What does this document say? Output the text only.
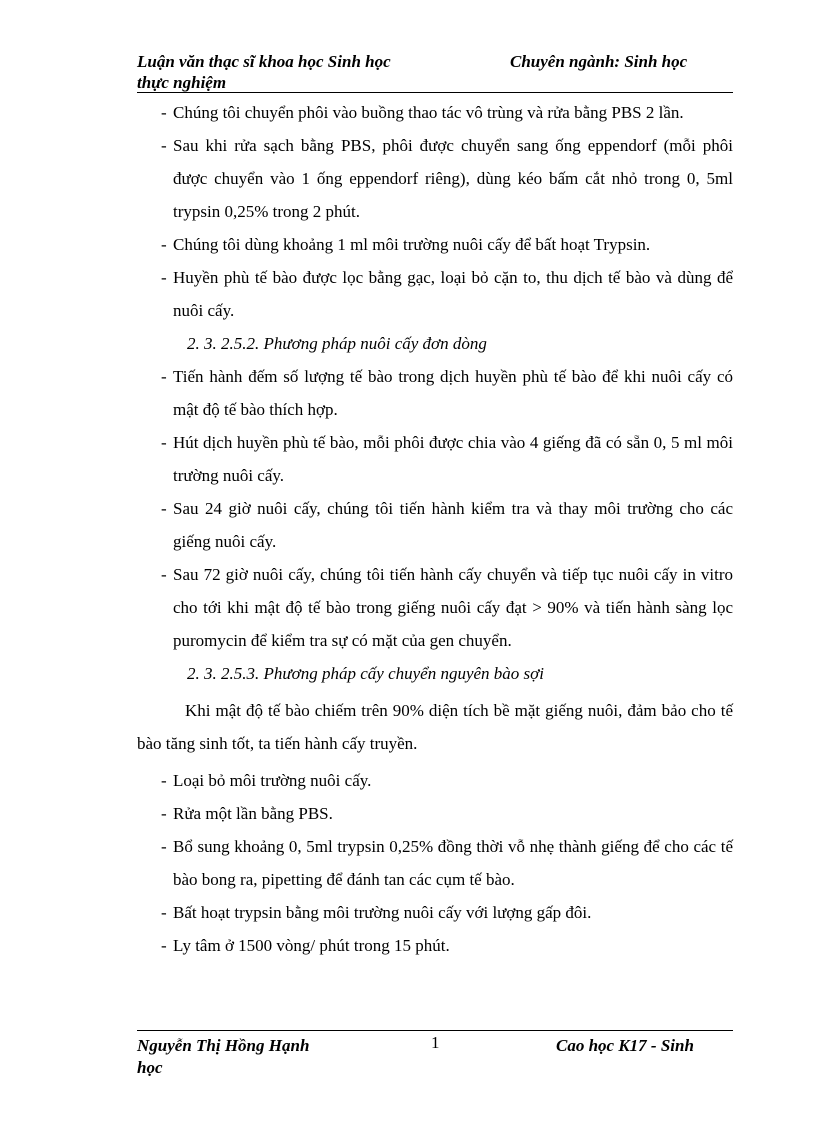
Luận văn thạc sĩ khoa học Sinh học
thực nghiệm
Chuyên ngành: Sinh học
- Chúng tôi chuyển phôi vào buồng thao tác vô trùng và rửa bằng PBS 2 lần.
- Sau khi rửa sạch bằng PBS, phôi được chuyển sang ống eppendorf (mỗi phôi được chuyển vào 1 ống eppendorf riêng), dùng kéo bấm cắt nhỏ trong 0, 5ml trypsin 0,25% trong 2 phút.
- Chúng tôi dùng khoảng 1 ml môi trường nuôi cấy để bất hoạt Trypsin.
- Huyền phù tế bào được lọc bằng gạc, loại bỏ cặn to, thu dịch tế bào và dùng để nuôi cấy.
2. 3. 2.5.2. Phương pháp nuôi cấy đơn dòng
- Tiến hành đếm số lượng tế bào trong dịch huyền phù tế bào để khi nuôi cấy có mật độ tế bào thích hợp.
- Hút dịch huyền phù tế bào, mỗi phôi được chia vào 4 giếng đã có sẵn 0, 5 ml môi trường nuôi cấy.
- Sau 24 giờ nuôi cấy, chúng tôi tiến hành kiểm tra và thay môi trường cho các giếng nuôi cấy.
- Sau 72 giờ nuôi cấy, chúng tôi tiến hành cấy chuyển và tiếp tục nuôi cấy in vitro cho tới khi mật độ tế bào trong giếng nuôi cấy đạt > 90% và tiến hành sàng lọc puromycin để kiểm tra sự có mặt của gen chuyển.
2. 3. 2.5.3. Phương pháp cấy chuyển nguyên bào sợi
Khi mật độ tế bào chiếm trên 90% diện tích bề mặt giếng nuôi, đảm bảo cho tế bào tăng sinh tốt, ta tiến hành cấy truyền.
- Loại bỏ môi trường nuôi cấy.
- Rửa một lần bằng PBS.
- Bổ sung khoảng 0, 5ml trypsin 0,25% đồng thời vỗ nhẹ thành giếng để cho các tế bào bong ra, pipetting để đánh tan các cụm tế bào.
- Bất hoạt trypsin bằng môi trường nuôi cấy với lượng gấp đôi.
- Ly tâm ở 1500 vòng/ phút trong 15 phút.
Nguyễn Thị Hồng Hạnh
học
1	Cao học K17 - Sinh
